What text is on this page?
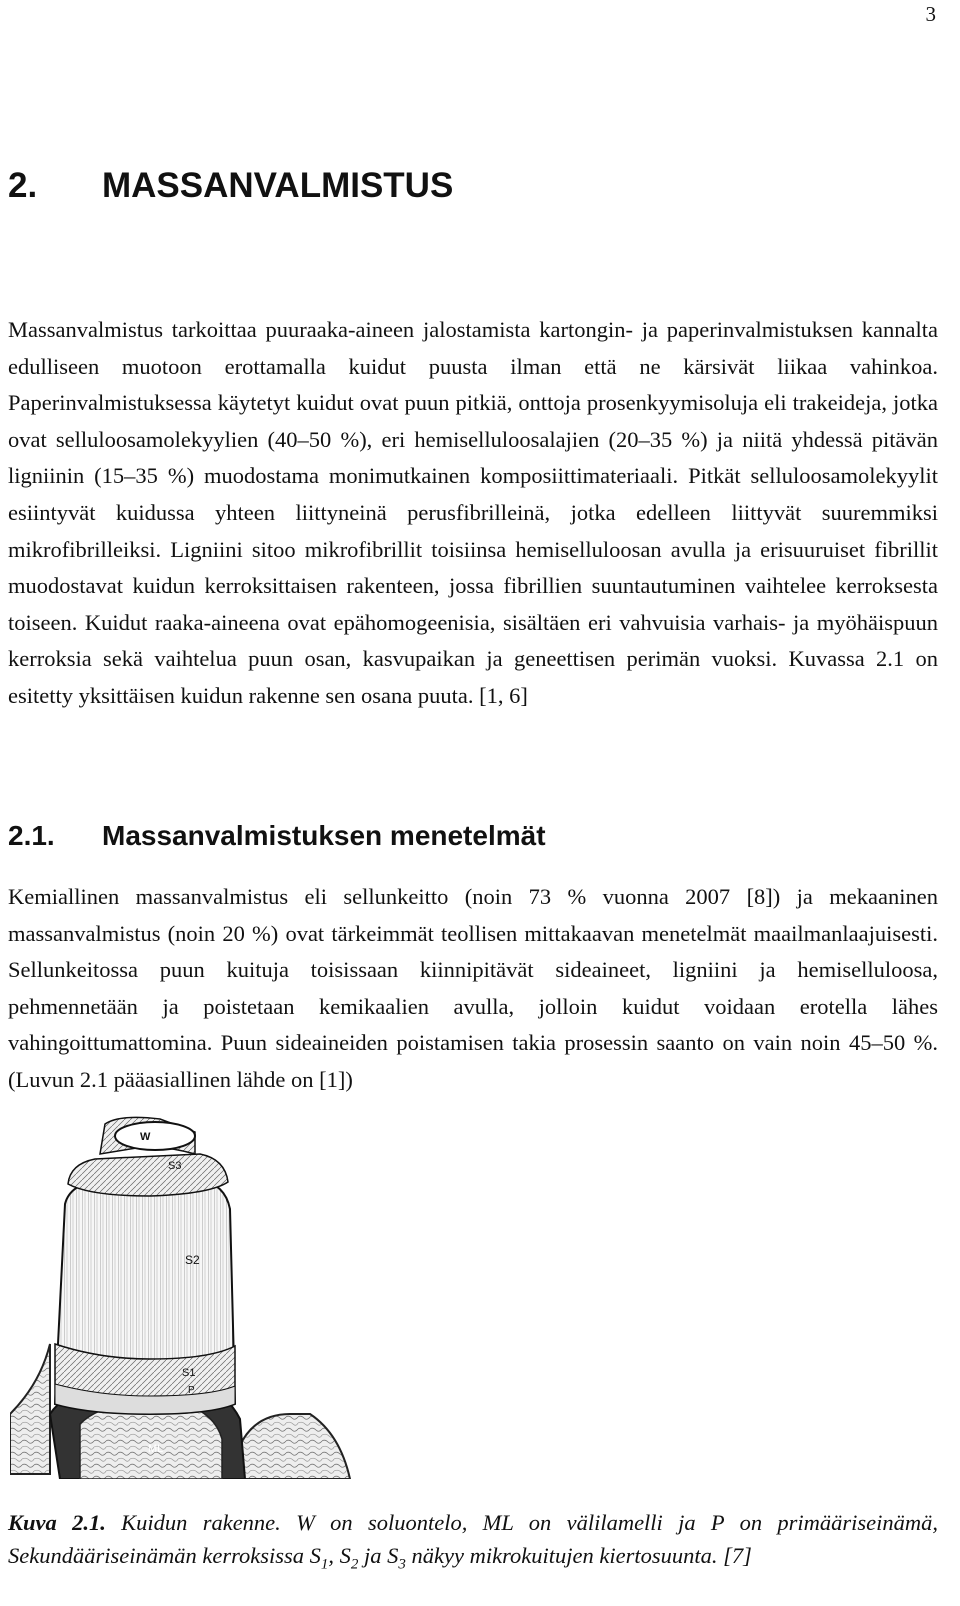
3
2. MASSANVALMISTUS

Massanvalmistus tarkoittaa puuraaka-aineen jalostamista kartongin- ja paperinvalmistuksen kannalta edulliseen muotoon erottamalla kuidut puusta ilman että ne kärsivät liikaa vahinkoa. Paperinvalmistuksessa käytetyt kuidut ovat puun pitkiä, onttoja prosenkyymisoluja eli trakeideja, jotka ovat selluloosamolekyylien (40–50 %), eri hemiselluloosalajien (20–35 %) ja niitä yhdessä pitävän ligniinin (15–35 %) muodostama monimutkainen komposiittimateriaali. Pitkät selluloosamolekyylit esiintyvät kuidussa yhteen liittyneinä perusfibrilleinä, jotka edelleen liittyvät suuremmiksi mikrofibrilleiksi. Ligniini sitoo mikrofibrillit toisiinsa hemiselluloosan avulla ja erisuuruiset fibrillit muodostavat kuidun kerroksittaisen rakenteen, jossa fibrillien suuntautuminen vaihtelee kerroksesta toiseen. Kuidut raaka-aineena ovat epähomogeenisia, sisältäen eri vahvuisia varhais- ja myöhäispuun kerroksia sekä vaihtelua puun osan, kasvupaikan ja geneettisen perimän vuoksi. Kuvassa 2.1 on esitetty yksittäisen kuidun rakenne sen osana puuta. [1, 6]

2.1. Massanvalmistuksen menetelmät

Kemiallinen massanvalmistus eli sellunkeitto (noin 73 % vuonna 2007 [8]) ja mekaaninen massanvalmistus (noin 20 %) ovat tärkeimmät teollisen mittakaavan menetelmät maailmanlaajuisesti. Sellunkeitossa puun kuituja toisissaan kiinnipitävät sideaineet, ligniini ja hemiselluloosa, pehmennetään ja poistetaan kemikaalien avulla, jolloin kuidut voidaan erotella lähes vahingoittumattomina. Puun sideaineiden poistamisen takia prosessin saanto on vain noin 45–50 %. (Luvun 2.1 pääasiallinen lähde on [1])

W
S3
S2
S1
P
ML

Kuva 2.1. Kuidun rakenne. W on soluontelo, ML on välilamelli ja P on primääriseinämä, Sekundääriseinämän kerroksissa $S_1$, $S_2$ ja $S_3$ näkyy mikrokuitujen kiertosuunta. [7]
